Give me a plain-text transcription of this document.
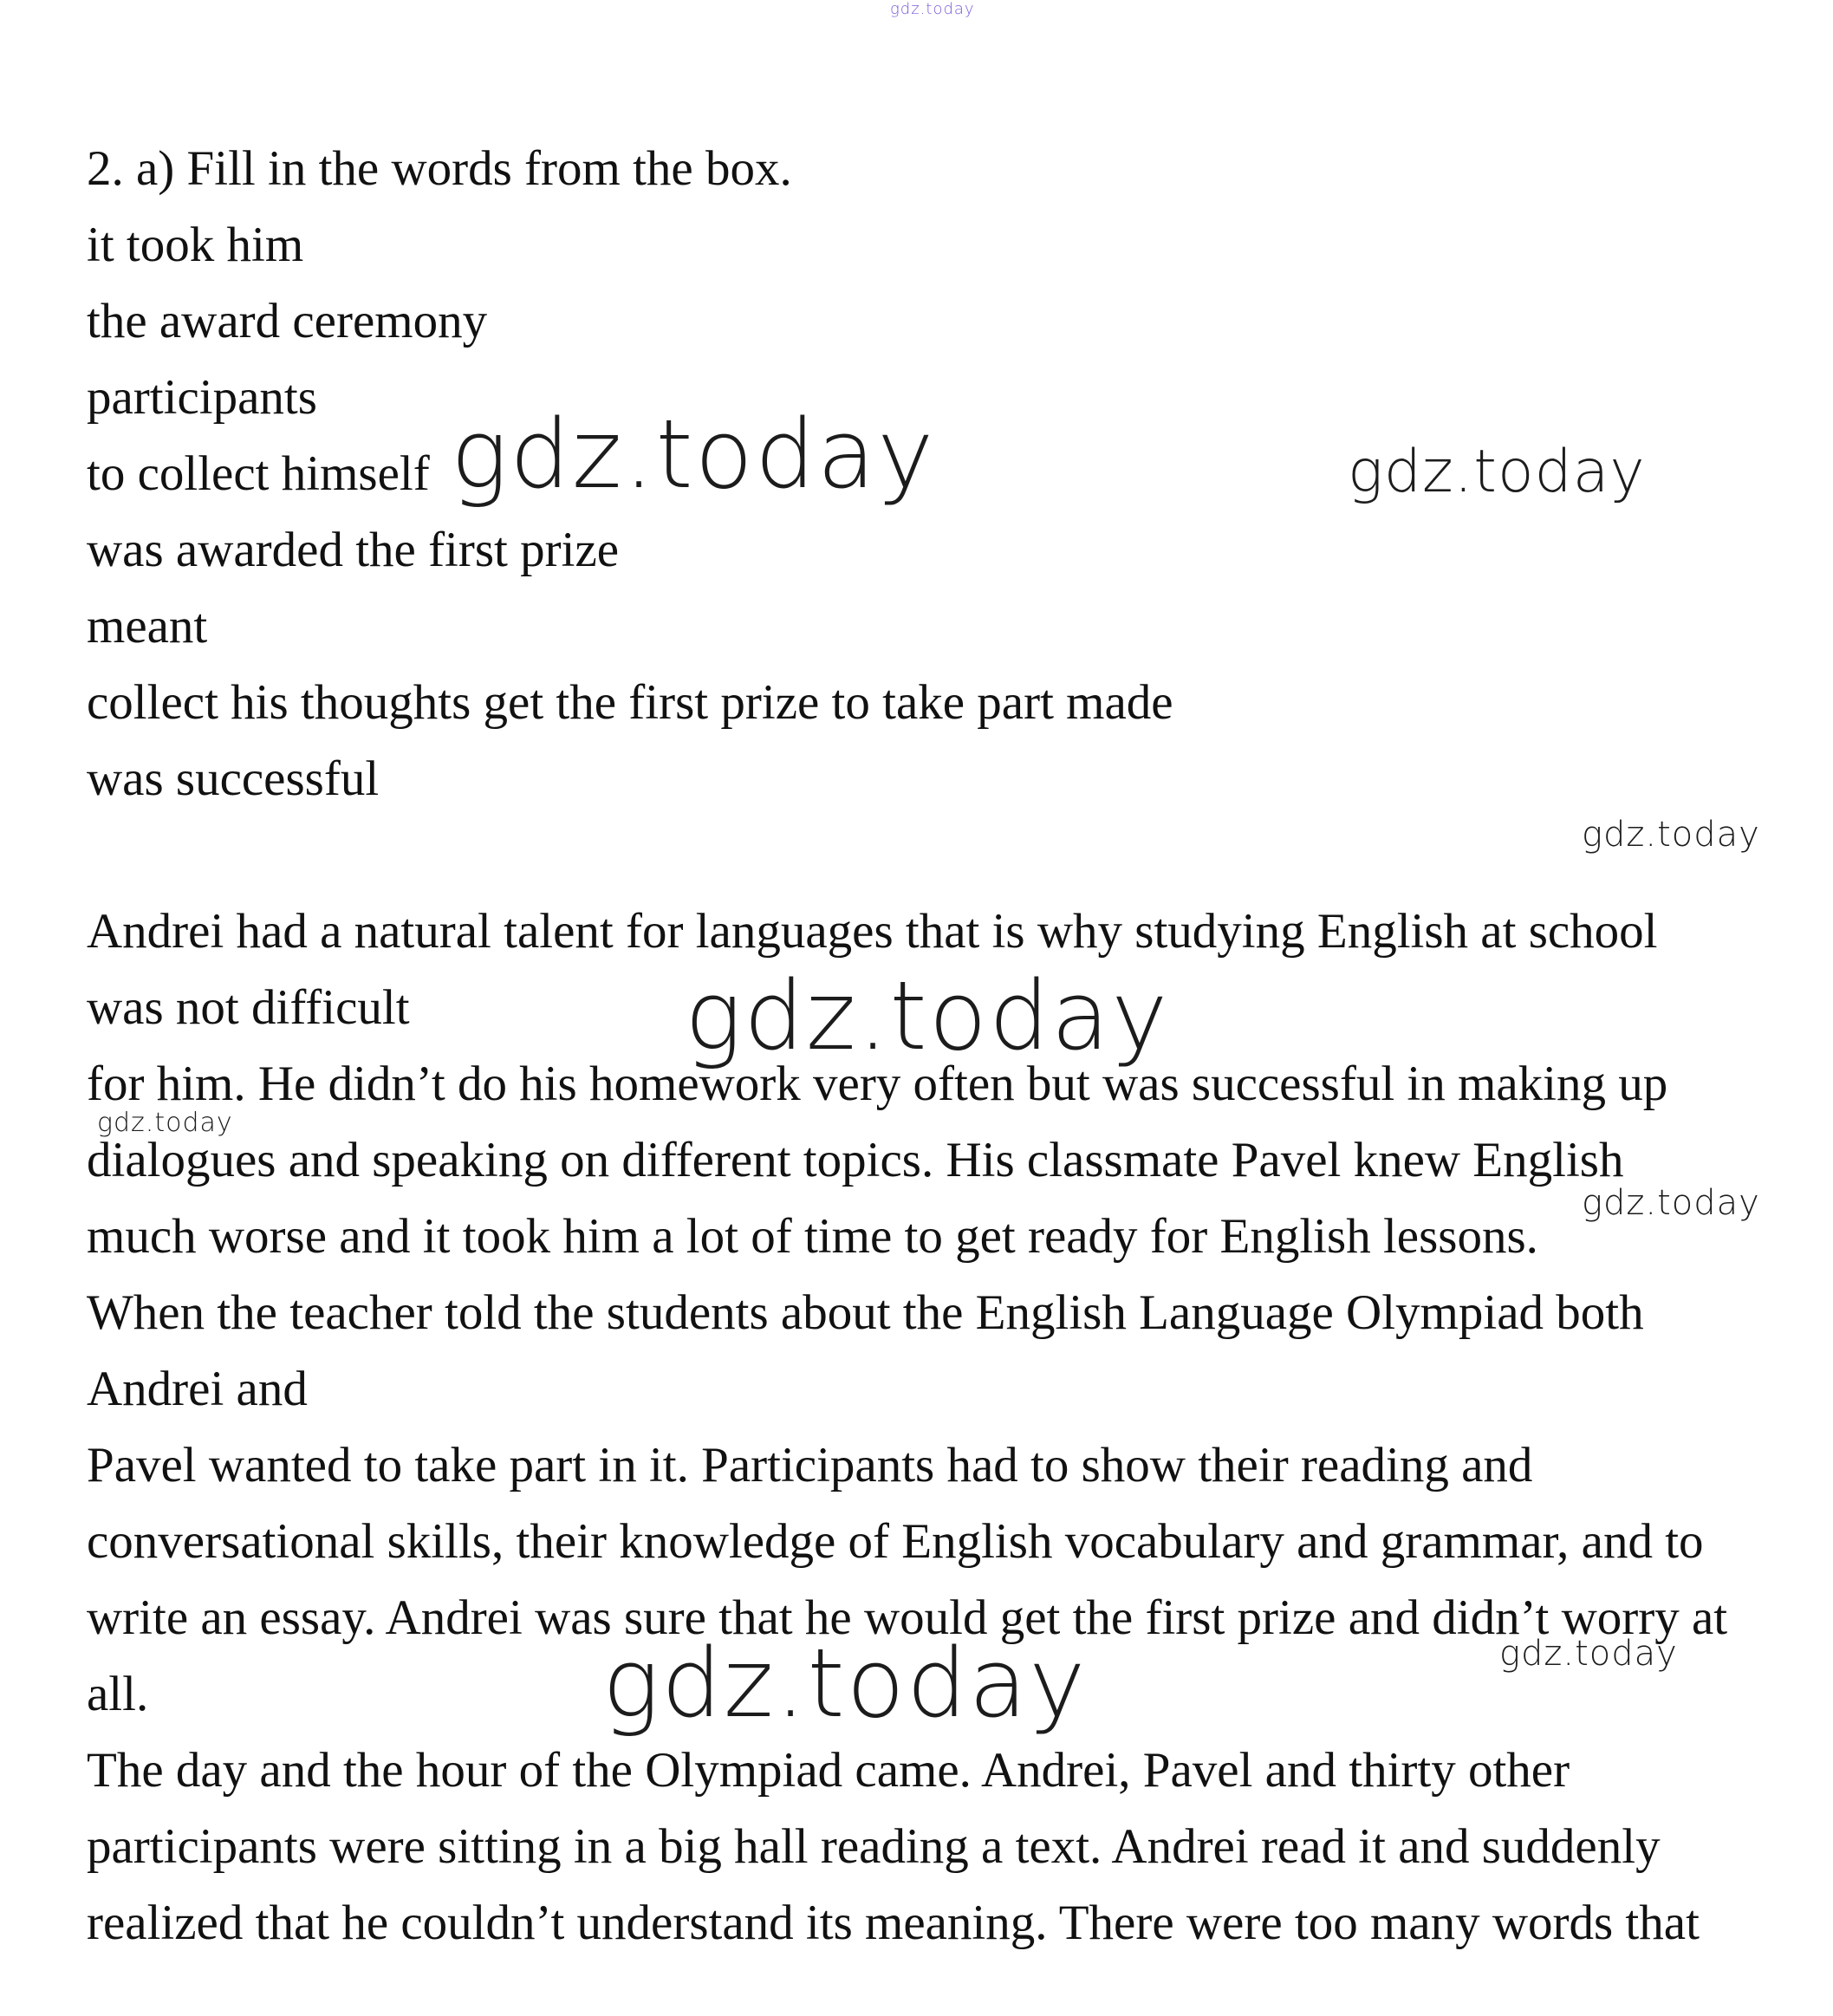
gdz.today

2. a) Fill in the words from the box.

it took him

the award ceremony

participants

to collect himself

was awarded the first prize

meant

collect his thoughts get the first prize to take part made

was successful

Andrei had a natural talent for languages that is why studying English at school

was not difficult

for him. He didn’t do his homework very often but was successful in making up

dialogues and speaking on different topics. His classmate Pavel knew English

much worse and it took him a lot of time to get ready for English lessons.

When the teacher told the students about the English Language Olympiad both

Andrei and

Pavel wanted to take part in it. Participants had to show their reading and

conversational skills, their knowledge of English vocabulary and grammar, and to

write an essay. Andrei was sure that he would get the first prize and didn’t worry at

all.

The day and the hour of the Olympiad came. Andrei, Pavel and thirty other

participants were sitting in a big hall reading a text. Andrei read it and suddenly

realized that he couldn’t understand its meaning. There were too many words that

gdz.today	gdz.today
gdz.today
gdz.today
gdz.today
gdz.today
gdz.today	gdz.today
